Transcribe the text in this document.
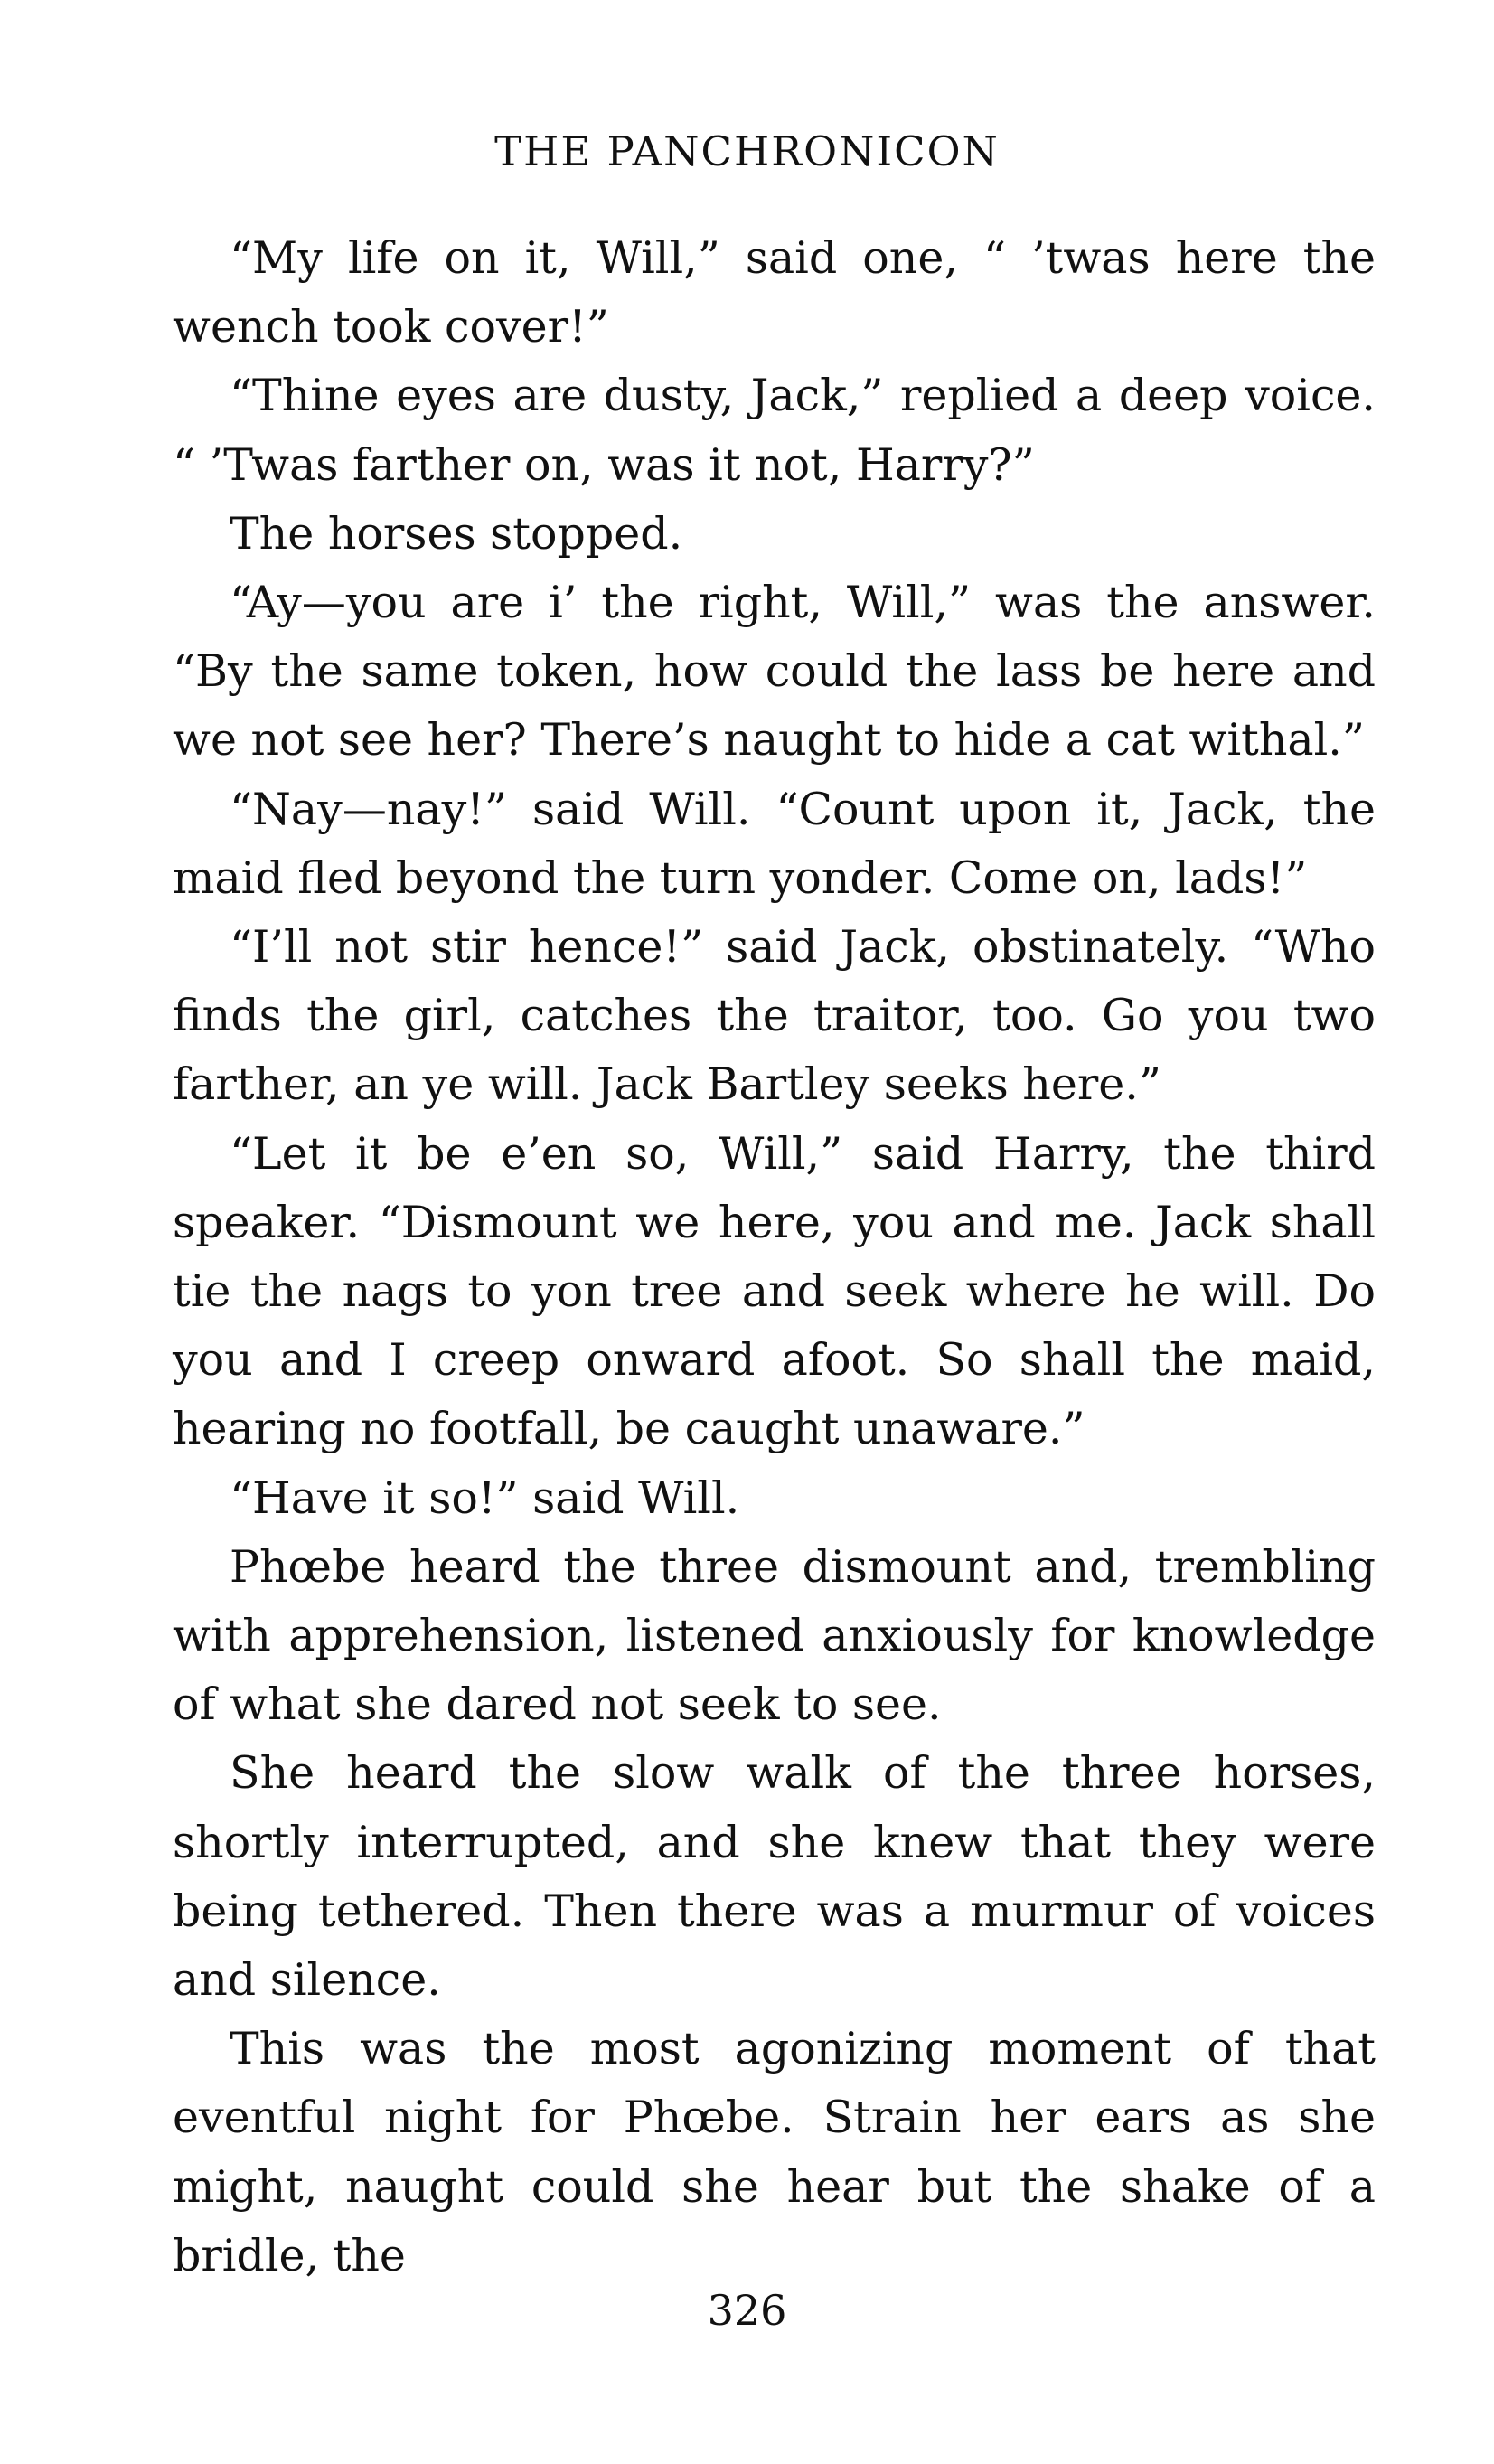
THE PANCHRONICON

“My life on it, Will,” said one, “ ’twas here the wench took cover!”

“Thine eyes are dusty, Jack,” replied a deep voice. “ ’Twas farther on, was it not, Harry?”

The horses stopped.

“Ay—you are i’ the right, Will,” was the answer. “By the same token, how could the lass be here and we not see her? There’s naught to hide a cat withal.”

“Nay—nay!” said Will. “Count upon it, Jack, the maid fled beyond the turn yonder. Come on, lads!”

“I’ll not stir hence!” said Jack, obstinately. “Who finds the girl, catches the traitor, too. Go you two farther, an ye will. Jack Bartley seeks here.”

“Let it be e’en so, Will,” said Harry, the third speaker. “Dismount we here, you and me. Jack shall tie the nags to yon tree and seek where he will. Do you and I creep onward afoot. So shall the maid, hearing no footfall, be caught unaware.”

“Have it so!” said Will.

Phœbe heard the three dismount and, trembling with apprehension, listened anxiously for knowledge of what she dared not seek to see.

She heard the slow walk of the three horses, shortly interrupted, and she knew that they were being tethered. Then there was a murmur of voices and silence.

This was the most agonizing moment of that eventful night for Phœbe. Strain her ears as she might, naught could she hear but the shake of a bridle, the

326
